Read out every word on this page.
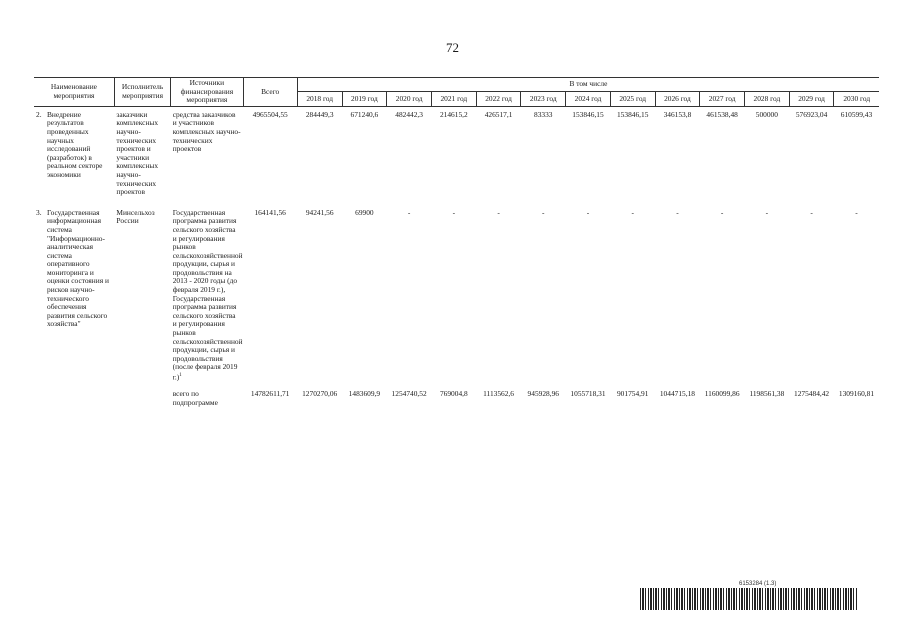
72
Наименование мероприятия	Исполнитель мероприятия	Источники финансирования мероприятия	Всего	В том числе												
				2018 год	2019 год	2020 год	2021 год	2022 год	2023 год	2024 год	2025 год	2026 год	2027 год	2028 год	2029 год	2030 год

2. Внедрение результатов проведенных научных исследований (разработок) в реальном секторе экономики	заказчики комплексных научно-технических проектов и участники комплексных научно-технических проектов	средства заказчиков и участников комплексных научно-технических проектов	4965504,55	284449,3	671240,6	482442,3	214615,2	426517,1	83333	153846,15	153846,15	346153,8	461538,48	500000	576923,04	610599,43

3. Государственная информационная система "Информационно-аналитическая система оперативного мониторинга и оценки состояния и рисков научно-технического обеспечения развития сельского хозяйства"	Минсельхоз России	Государственная программа развития сельского хозяйства и регулирования рынков сельскохозяйственной продукции, сырья и продовольствия на 2013 - 2020 годы (до февраля 2019 г.), Государственная программа развития сельского хозяйства и регулирования рынков сельскохозяйственной продукции, сырья и продовольствия (после февраля 2019 г.)$^1$	164141,56	94241,56	69900	-	-	-	-	-	-	-	-	-	-	-
		всего по подпрограмме	14782611,71	1270270,06	1483609,9	1254740,52	769004,8	1113562,6	945928,96	1055718,31	901754,91	1044715,18	1160099,86	1198561,38	1275484,42	1309160,81
6153284 (1.3)
